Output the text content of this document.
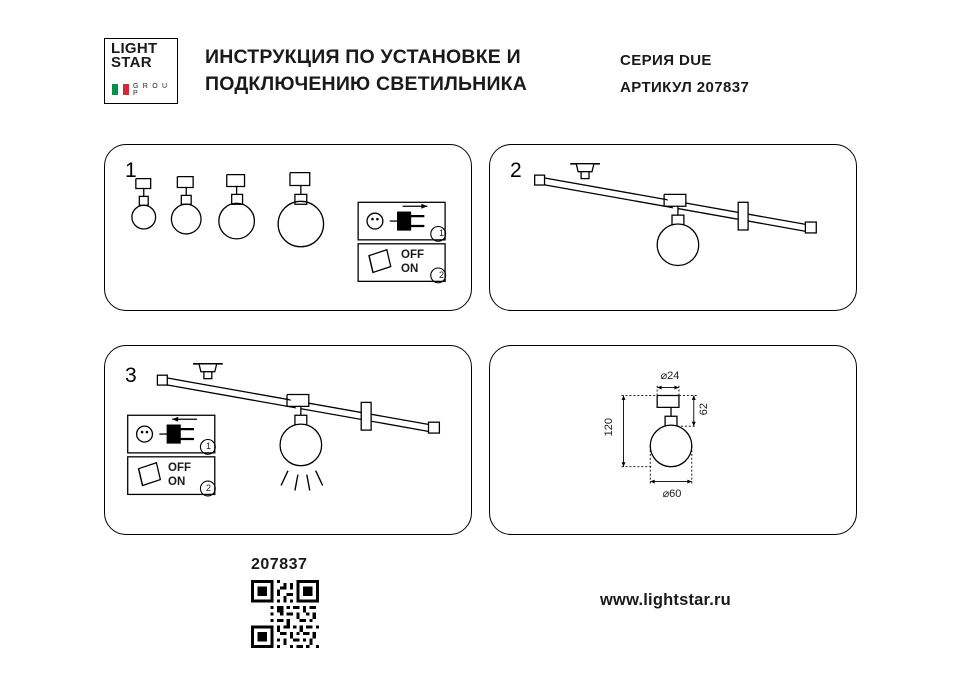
LIGHT
STAR
G R O U P
ИНСТРУКЦИЯ ПО УСТАНОВКЕ И ПОДКЛЮЧЕНИЮ СВЕТИЛЬНИКА
СЕРИЯ DUE
АРТИКУЛ 207837
1
1
OFF
ON	2
2
3
1
OFF
ON	2
⌀24
62
120
⌀60
207837
www.lightstar.ru
